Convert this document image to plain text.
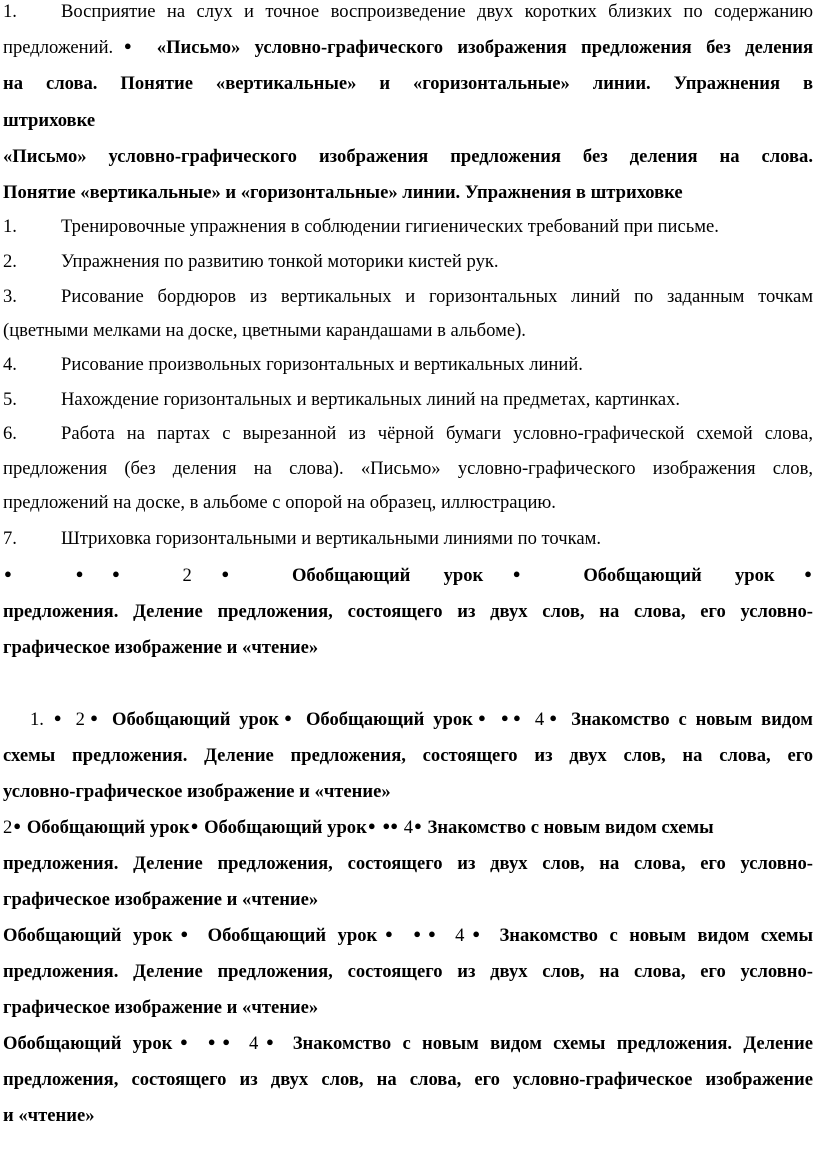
1. Восприятие на слух и точное воспроизведение двух коротких близких по содержанию
предложений.● «Письмо» условно-графического изображения предложения без деления
на слова. Понятие «вертикальные» и «горизонтальные» линии. Упражнения в
штриховке
«Письмо» условно-графического изображения предложения без деления на слова.
Понятие «вертикальные» и «горизонтальные» линии. Упражнения в штриховке
1. Тренировочные упражнения в соблюдении гигиенических требований при письме.
2. Упражнения по развитию тонкой моторики кистей рук.
3. Рисование бордюров из вертикальных и горизонтальных линий по заданным точкам
(цветными мелками на доске, цветными карандашами в альбоме).
4. Рисование произвольных горизонтальных и вертикальных линий.
5. Нахождение горизонтальных и вертикальных линий на предметах, картинках.
6. Работа на партах с вырезанной из чёрной бумаги условно-графической схемой слова,
предложения (без деления на слова). «Письмо» условно-графического изображения слов,
предложений на доске, в альбоме с опорой на образец, иллюстрацию.
7. Штриховка горизонтальными и вертикальными линиями по точкам.
●	●● 2● Обобщающий урок● Обобщающий урок●
предложения. Деление предложения, состоящего из двух слов, на слова, его условно-
графическое изображение и «чтение»
1. ● 2● Обобщающий урок● Обобщающий урок● ●● 4● Знакомство с новым видом
схемы предложения. Деление предложения, состоящего из двух слов, на слова, его
условно-графическое изображение и «чтение»
2● Обобщающий урок● Обобщающий урок● ●● 4● Знакомство с новым видом схемы
предложения. Деление предложения, состоящего из двух слов, на слова, его условно-
графическое изображение и «чтение»
Обобщающий урок● Обобщающий урок● ●● 4● Знакомство с новым видом схемы
предложения. Деление предложения, состоящего из двух слов, на слова, его условно-
графическое изображение и «чтение»
Обобщающий урок● ●● 4● Знакомство с новым видом схемы предложения. Деление
предложения, состоящего из двух слов, на слова, его условно-графическое изображение
и «чтение»
